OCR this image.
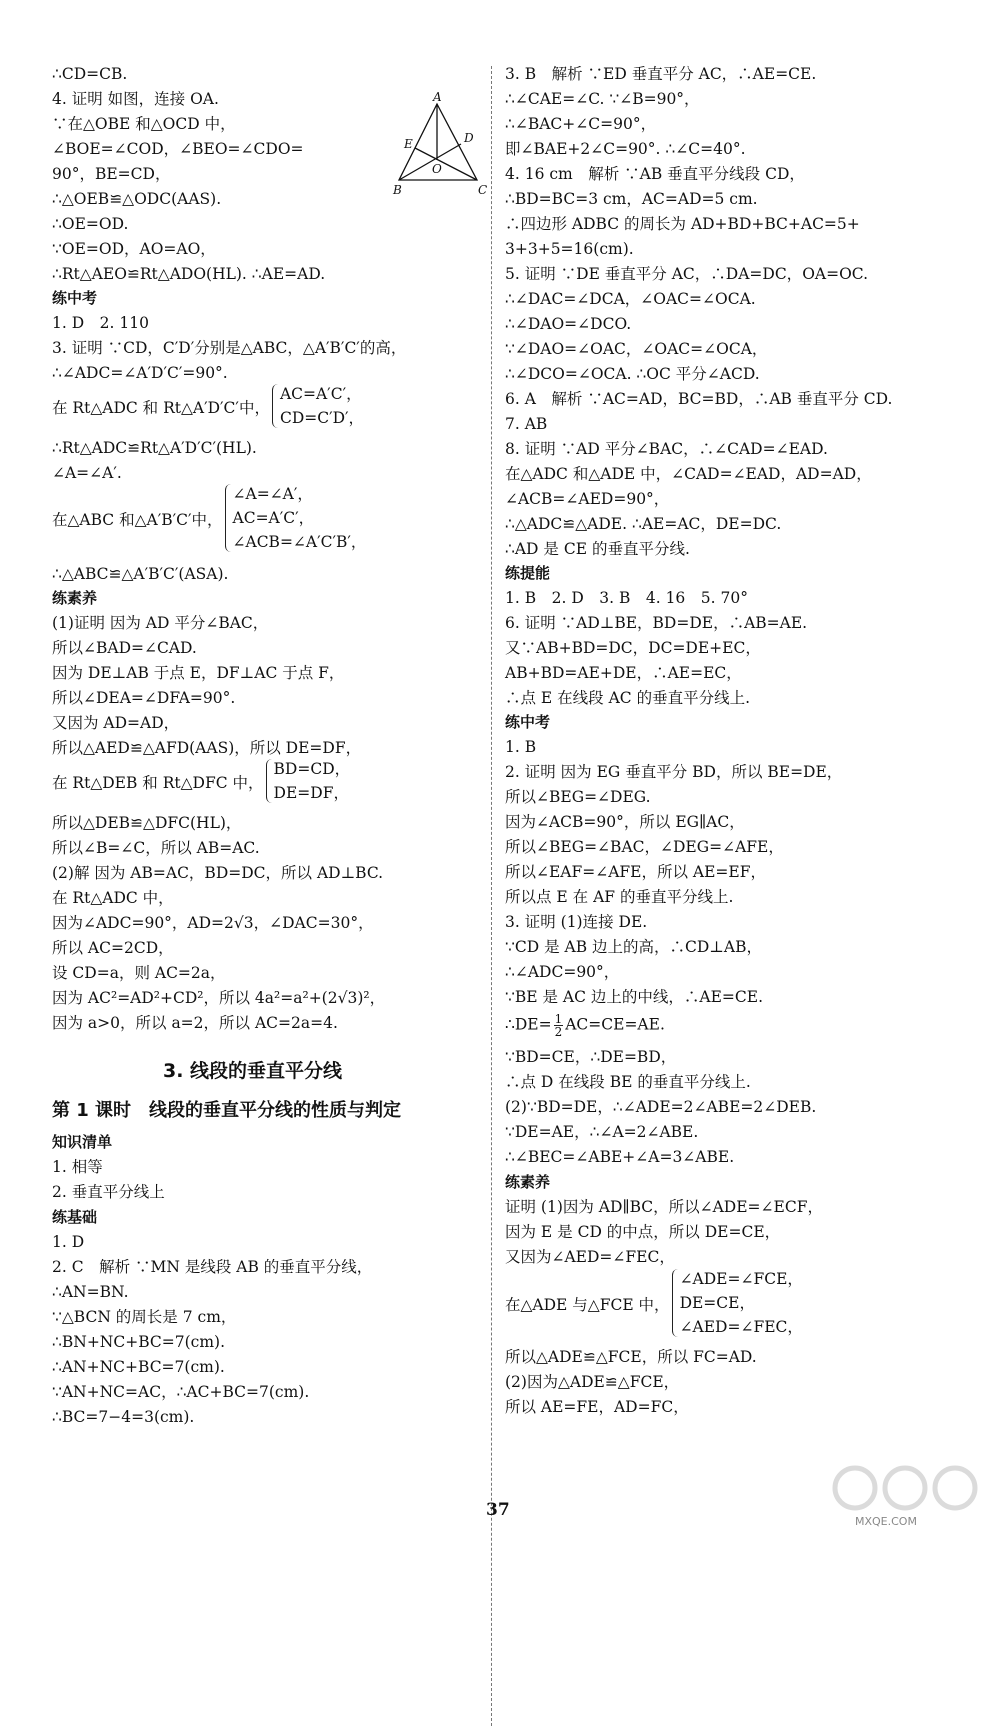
∴CD=CB.
4. 证明 如图，连接 OA.
∵在△OBE 和△OCD 中，
∠BOE=∠COD，∠BEO=∠CDO=
90°，BE=CD，
∴△OEB≌△ODC(AAS).
∴OE=OD.
∵OE=OD，AO=AO，
∴Rt△AEO≌Rt△ADO(HL). ∴AE=AD.
练中考
1. D　2. 110
3. 证明 ∵CD，C′D′分别是△ABC，△A′B′C′的高，
∴∠ADC=∠A′D′C′=90°.
∴Rt△ADC≌Rt△A′D′C′(HL).
∠A=∠A′.
∴△ABC≌△A′B′C′(ASA).
练素养
(1)证明 因为 AD 平分∠BAC，
所以∠BAD=∠CAD.
因为 DE⊥AB 于点 E，DF⊥AC 于点 F，
所以∠DEA=∠DFA=90°.
又因为 AD=AD，
所以△AED≌△AFD(AAS)，所以 DE=DF，
所以△DEB≌△DFC(HL)，
所以∠B=∠C，所以 AB=AC.
(2)解 因为 AB=AC，BD=DC，所以 AD⊥BC.
在 Rt△ADC 中，
因为∠ADC=90°，AD=2√3，∠DAC=30°，
所以 AC=2CD，
设 CD=a，则 AC=2a，
因为 AC²=AD²+CD²，所以 4a²=a²+(2√3)²，
因为 a>0，所以 a=2，所以 AC=2a=4.
知识清单
1. 相等
2. 垂直平分线上
练基础
1. D
2. C　解析 ∵MN 是线段 AB 的垂直平分线，
∴AN=BN.
∵△BCN 的周长是 7 cm，
∴BN+NC+BC=7(cm).
∴AN+NC+BC=7(cm).
∵AN+NC=AC，∴AC+BC=7(cm).
∴BC=7−4=3(cm).
在 Rt△ADC 和 Rt△A′D′C′中，
AC=A′C′，
CD=C′D′，
在△ABC 和△A′B′C′中，
∠A=∠A′，
AC=A′C′，
∠ACB=∠A′C′B′，
在 Rt△DEB 和 Rt△DFC 中，
BD=CD，
DE=DF，
3. B　解析 ∵ED 垂直平分 AC，∴AE=CE.
∴∠CAE=∠C. ∵∠B=90°，
∴∠BAC+∠C=90°，
即∠BAE+2∠C=90°. ∴∠C=40°.
4. 16 cm　解析 ∵AB 垂直平分线段 CD，
∴BD=BC=3 cm，AC=AD=5 cm.
∴四边形 ADBC 的周长为 AD+BD+BC+AC=5+
3+3+5=16(cm).
5. 证明 ∵DE 垂直平分 AC，∴DA=DC，OA=OC.
∴∠DAC=∠DCA，∠OAC=∠OCA.
∴∠DAO=∠DCO.
∵∠DAO=∠OAC，∠OAC=∠OCA，
∴∠DCO=∠OCA. ∴OC 平分∠ACD.
6. A　解析 ∵AC=AD，BC=BD，∴AB 垂直平分 CD.
7. AB
8. 证明 ∵AD 平分∠BAC，∴∠CAD=∠EAD.
在△ADC 和△ADE 中，∠CAD=∠EAD，AD=AD，
∠ACB=∠AED=90°，
∴△ADC≌△ADE. ∴AE=AC，DE=DC.
∴AD 是 CE 的垂直平分线.
练提能
1. B　2. D　3. B　4. 16　5. 70°
6. 证明 ∵AD⊥BE，BD=DE，∴AB=AE.
又∵AB+BD=DC，DC=DE+EC，
AB+BD=AE+DE，∴AE=EC，
∴点 E 在线段 AC 的垂直平分线上.
练中考
1. B
2. 证明 因为 EG 垂直平分 BD，所以 BE=DE，
所以∠BEG=∠DEG.
因为∠ACB=90°，所以 EG∥AC，
所以∠BEG=∠BAC，∠DEG=∠AFE，
所以∠EAF=∠AFE，所以 AE=EF，
所以点 E 在 AF 的垂直平分线上.
3. 证明 (1)连接 DE.
∵CD 是 AB 边上的高，∴CD⊥AB，
∴∠ADC=90°，
∵BE 是 AC 边上的中线，∴AE=CE.
∵BD=CE，∴DE=BD，
∴点 D 在线段 BE 的垂直平分线上.
(2)∵BD=DE，∴∠ADE=2∠ABE=2∠DEB.
∵DE=AE，∴∠A=2∠ABE.
∴∠BEC=∠ABE+∠A=3∠ABE.
练素养
证明 (1)因为 AD∥BC，所以∠ADE=∠ECF，
因为 E 是 CD 的中点，所以 DE=CE，
又因为∠AED=∠FEC，
所以△ADE≌△FCE，所以 FC=AD.
(2)因为△ADE≌△FCE，
所以 AE=FE，AD=FC，
在△ADE 与△FCE 中，
∠ADE=∠FCE，
DE=CE，
∠AED=∠FEC，
∴DE= $\frac{1}{2} AC=CE=AE$.
3. 线段的垂直平分线
第 1 课时　线段的垂直平分线的性质与判定
A
E	D
O
B	C
37
MXQE.COM
